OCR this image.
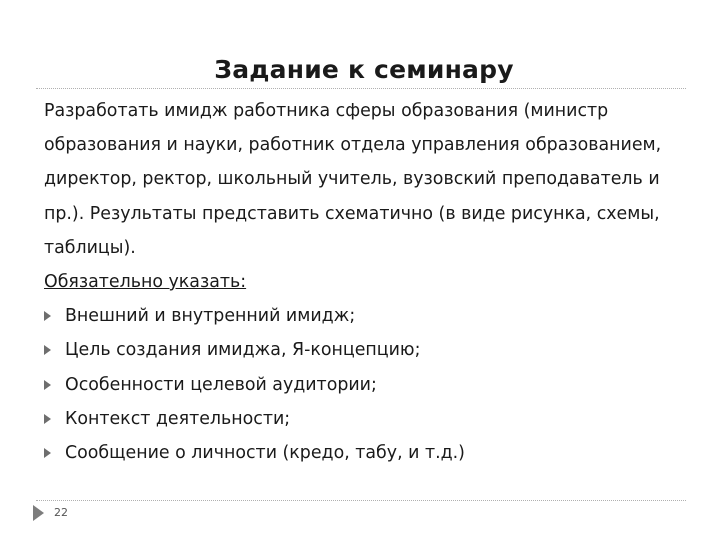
Задание к семинару

Разработать имидж работника сферы образования (министр

образования и науки, работник отдела управления образованием,

директор, ректор, школьный учитель, вузовский преподаватель и

пр.). Результаты представить схематично (в виде рисунка, схемы,

таблицы).

Обязательно указать:

Внешний и внутренний имидж;
Цель создания имиджа, Я-концепцию;
Особенности целевой аудитории;
Контекст деятельности;
Сообщение о личности (кредо, табу, и т.д.)
22
